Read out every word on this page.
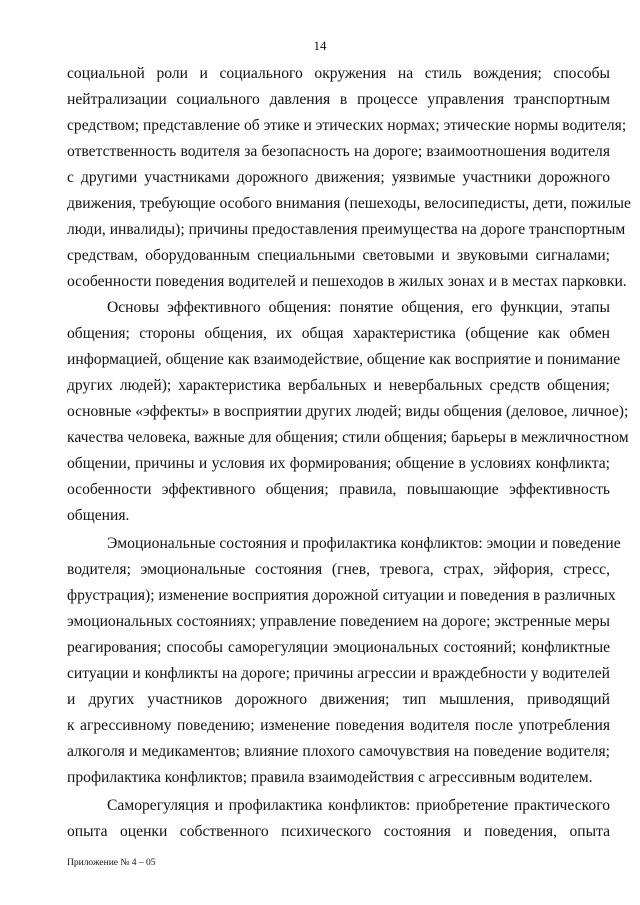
14
социальной роли и социального окружения на стиль вождения; способы
нейтрализации социального давления в процессе управления транспортным
средством; представление об этике и этических нормах; этические нормы водителя;
ответственность водителя за безопасность на дороге; взаимоотношения водителя
с другими участниками дорожного движения; уязвимые участники дорожного
движения, требующие особого внимания (пешеходы, велосипедисты, дети, пожилые
люди, инвалиды); причины предоставления преимущества на дороге транспортным
средствам, оборудованным специальными световыми и звуковыми сигналами;
особенности поведения водителей и пешеходов в жилых зонах и в местах парковки.
Основы эффективного общения: понятие общения, его функции, этапы
общения; стороны общения, их общая характеристика (общение как обмен
информацией, общение как взаимодействие, общение как восприятие и понимание
других людей); характеристика вербальных и невербальных средств общения;
основные «эффекты» в восприятии других людей; виды общения (деловое, личное);
качества человека, важные для общения; стили общения; барьеры в межличностном
общении, причины и условия их формирования; общение в условиях конфликта;
особенности эффективного общения; правила, повышающие эффективность
общения.
Эмоциональные состояния и профилактика конфликтов: эмоции и поведение
водителя; эмоциональные состояния (гнев, тревога, страх, эйфория, стресс,
фрустрация); изменение восприятия дорожной ситуации и поведения в различных
эмоциональных состояниях; управление поведением на дороге; экстренные меры
реагирования; способы саморегуляции эмоциональных состояний; конфликтные
ситуации и конфликты на дороге; причины агрессии и враждебности у водителей
и других участников дорожного движения; тип мышления, приводящий
к агрессивному поведению; изменение поведения водителя после употребления
алкоголя и медикаментов; влияние плохого самочувствия на поведение водителя;
профилактика конфликтов; правила взаимодействия с агрессивным водителем.
Саморегуляция и профилактика конфликтов: приобретение практического
опыта оценки собственного психического состояния и поведения, опыта
Приложение № 4 – 05
